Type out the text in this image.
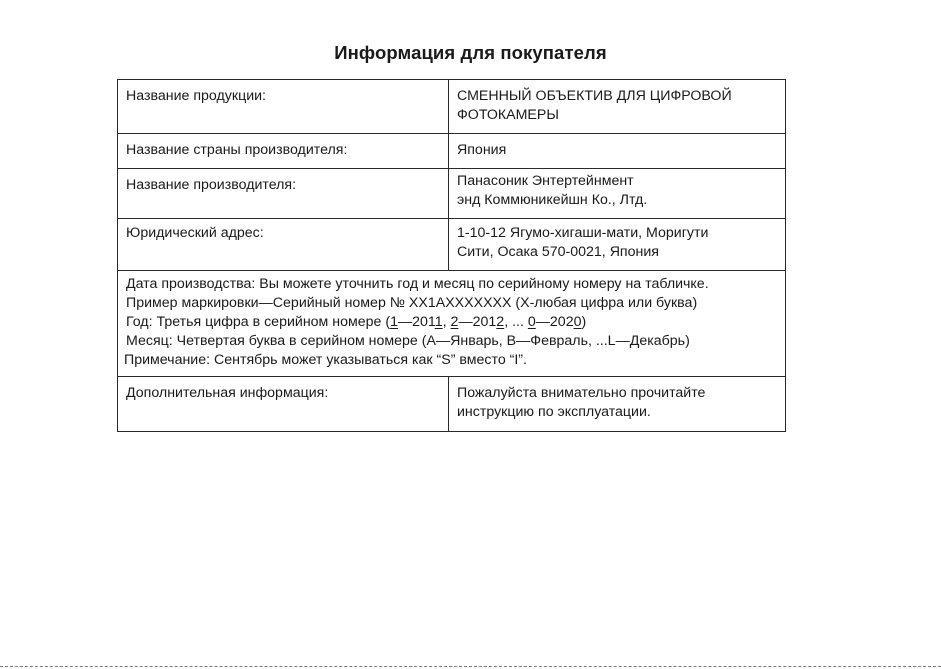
Информация для покупателя
Название продукции:	СМЕННЫЙ ОБЪЕКТИВ ДЛЯ ЦИФРОВОЙ
ФОТОКАМЕРЫ

Название страны производителя:	Япония
Название производителя:	Панасоник Энтертейнмент
энд Коммюникейшн Ко., Лтд.

Юридический адрес:	1-10-12 Ягумо-хигаши-мати, Моригути
Сити, Осака 570-0021, Япония

Дата производства: Вы можете уточнить год и месяц по серийному номеру на табличке.
Пример маркировки—Серийный номер № XX1AXXXXXXX (X-любая цифра или буква)
Год: Третья цифра в серийном номере (1—2011, 2—2012, ... 0—2020)
Месяц: Четвертая буква в серийном номере (A—Январь, B—Февраль, ...L—Декабрь)
Примечание: Сентябрь может указываться как “S” вместо “I”.	

Дополнительная информация:	Пожалуйста внимательно прочитайте
инструкцию по эксплуатации.
